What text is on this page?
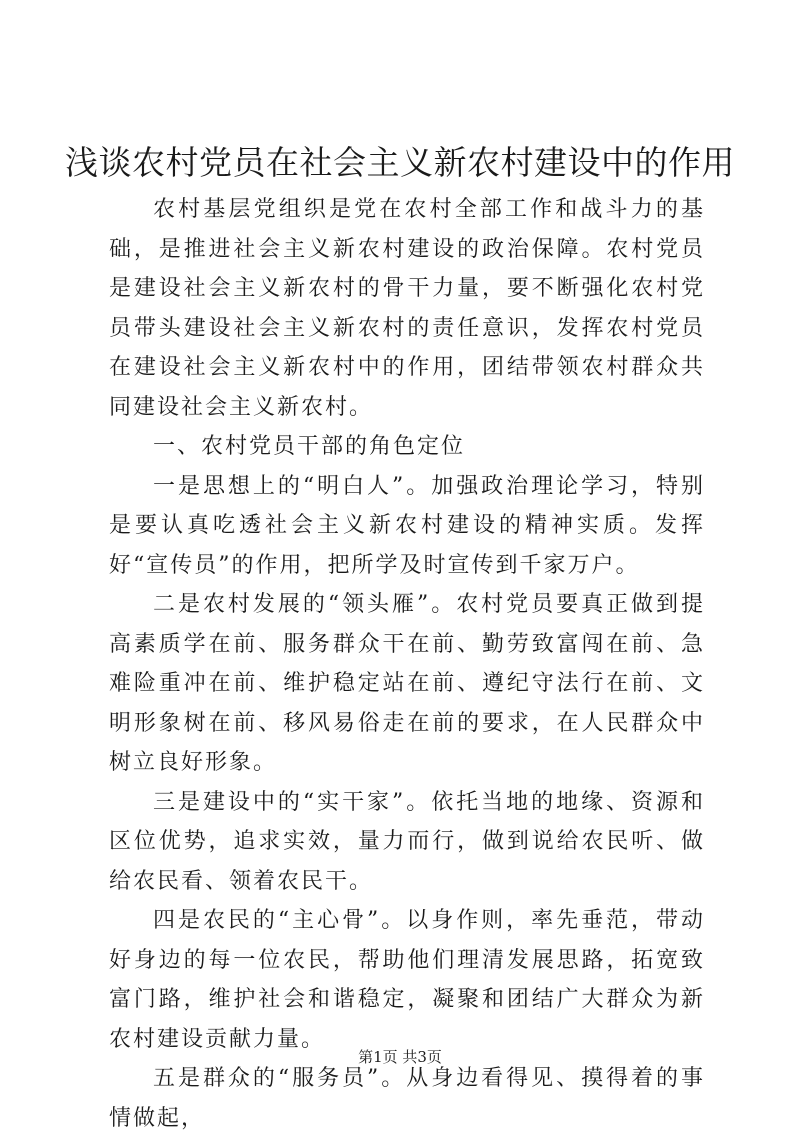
浅谈农村党员在社会主义新农村建设中的作用

农村基层党组织是党在农村全部工作和战斗力的基础，是推进社会主义新农村建设的政治保障。农村党员是建设社会主义新农村的骨干力量，要不断强化农村党员带头建设社会主义新农村的责任意识，发挥农村党员在建设社会主义新农村中的作用，团结带领农村群众共同建设社会主义新农村。

一、农村党员干部的角色定位

一是思想上的“明白人”。加强政治理论学习，特别是要认真吃透社会主义新农村建设的精神实质。发挥好“宣传员”的作用，把所学及时宣传到千家万户。

二是农村发展的“领头雁”。农村党员要真正做到提高素质学在前、服务群众干在前、勤劳致富闯在前、急难险重冲在前、维护稳定站在前、遵纪守法行在前、文明形象树在前、移风易俗走在前的要求，在人民群众中树立良好形象。

三是建设中的“实干家”。依托当地的地缘、资源和区位优势，追求实效，量力而行，做到说给农民听、做给农民看、领着农民干。

四是农民的“主心骨”。以身作则，率先垂范，带动好身边的每一位农民，帮助他们理清发展思路，拓宽致富门路，维护社会和谐稳定，凝聚和团结广大群众为新农村建设贡献力量。

五是群众的“服务员”。从身边看得见、摸得着的事情做起，

第1页 共3页
